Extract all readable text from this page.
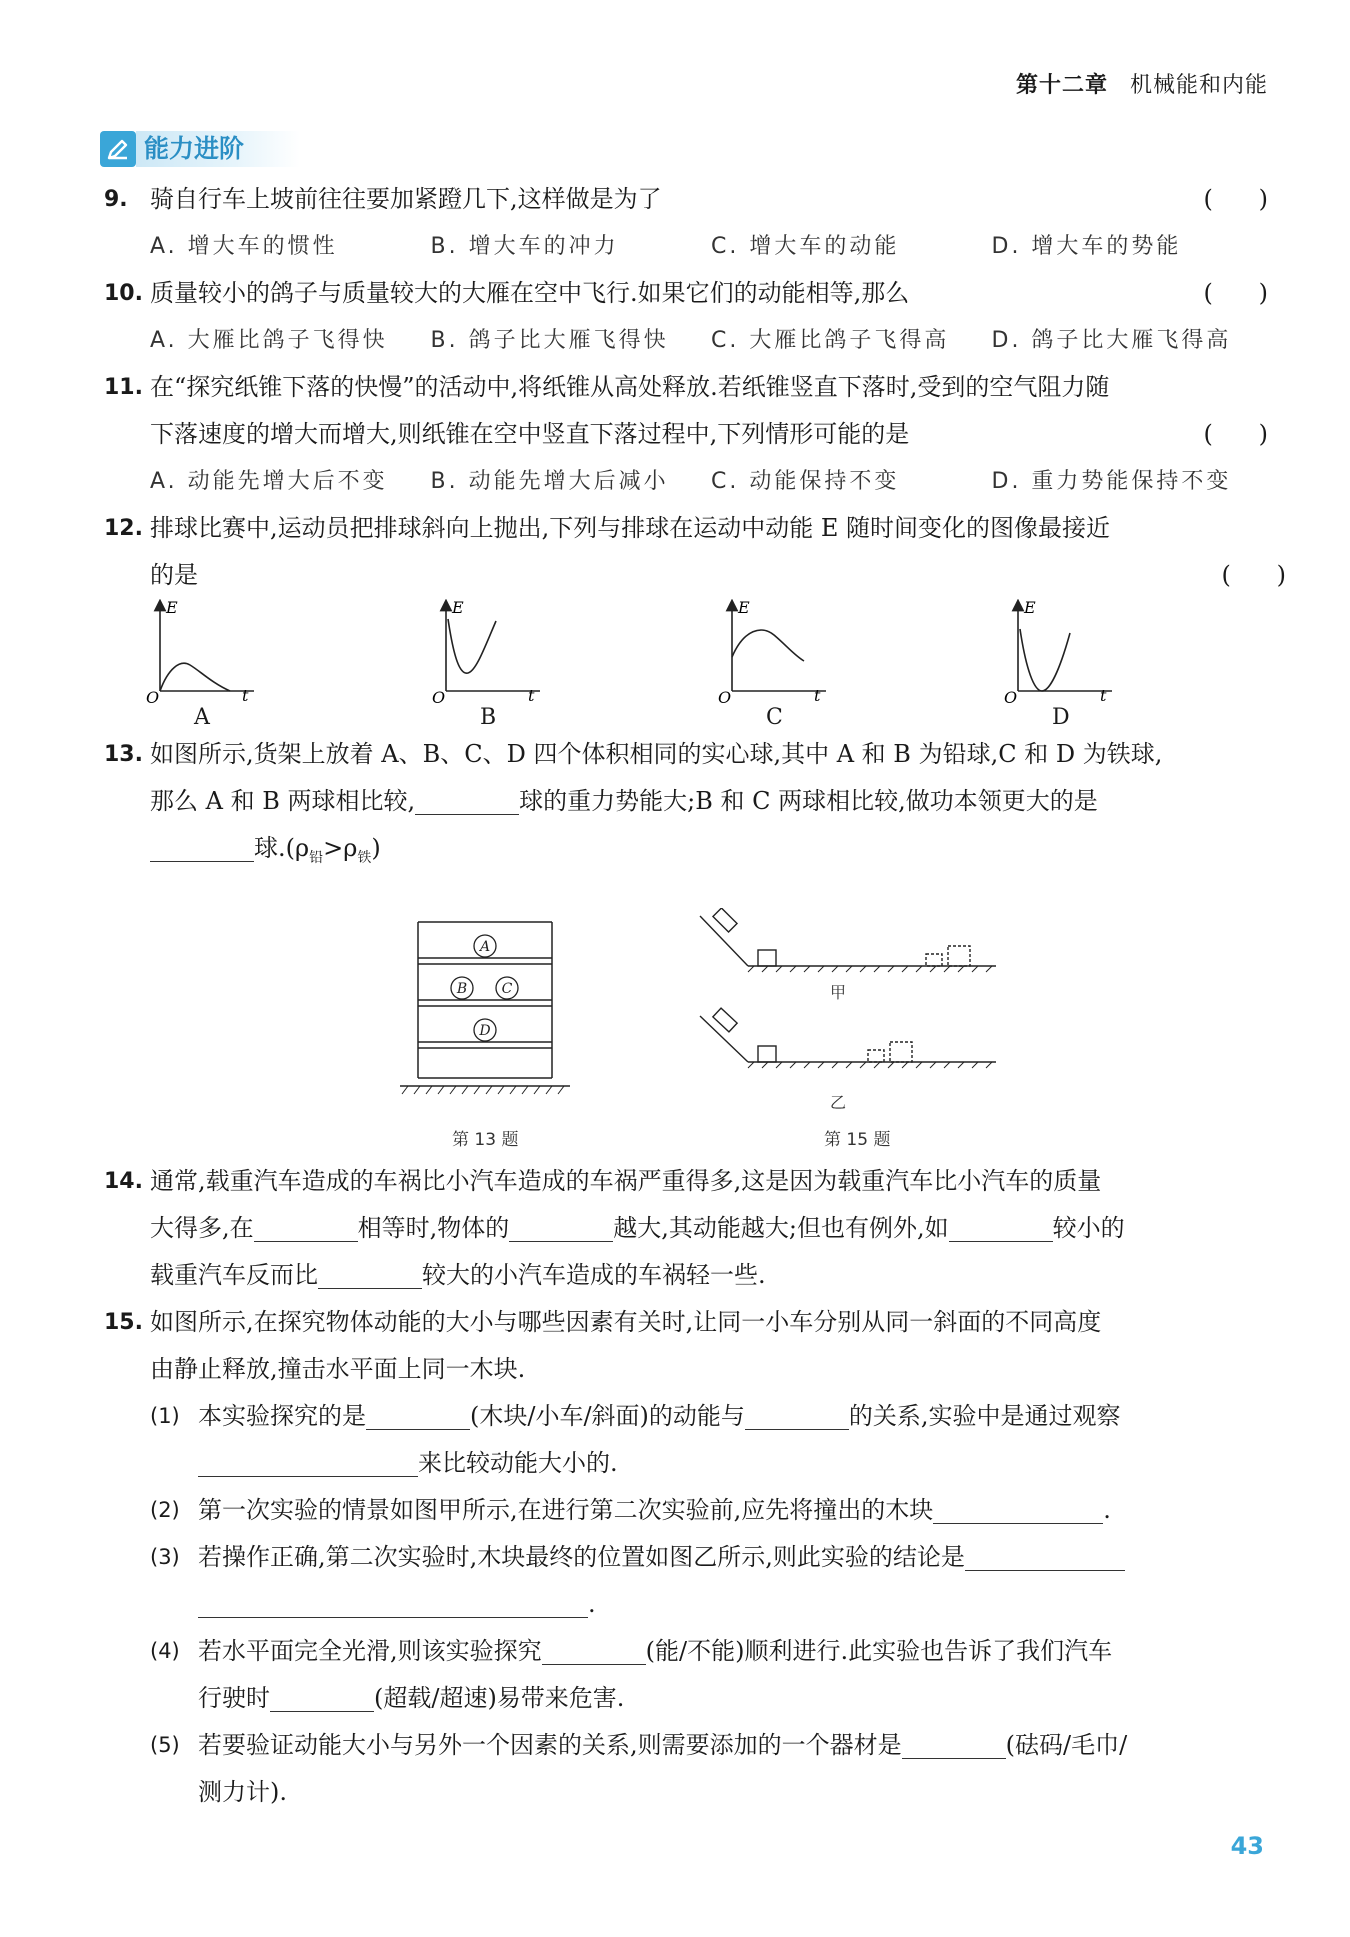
第十二章 机械能和内能
能力进阶
9. 骑自行车上坡前往往要加紧蹬几下,这样做是为了	(      )
A. 增大车的惯性	B. 增大车的冲力	C. 增大车的动能	D. 增大车的势能
10. 质量较小的鸽子与质量较大的大雁在空中飞行.如果它们的动能相等,那么	(      )
A. 大雁比鸽子飞得快	B. 鸽子比大雁飞得快	C. 大雁比鸽子飞得高	D. 鸽子比大雁飞得高
11. 在“探究纸锥下落的快慢”的活动中,将纸锥从高处释放.若纸锥竖直下落时,受到的空气阻力随
下落速度的增大而增大,则纸锥在空中竖直下落过程中,下列情形可能的是	(      )
A. 动能先增大后不变	B. 动能先增大后减小	C. 动能保持不变	D. 重力势能保持不变
12. 排球比赛中,运动员把排球斜向上抛出,下列与排球在运动中动能 E 随时间变化的图像最接近
的是	(      )
E
t
O
A
E
t
O
B
E
t
O
C
E
t
O
D
13. 如图所示,货架上放着 A、B、C、D 四个体积相同的实心球,其中 A 和 B 为铅球,C 和 D 为铁球,
那么 A 和 B 两球相比较,	球的重力势能大;B 和 C 两球相比较,做功本领更大的是
球$.(\rho_铅>\rho_铁)$
A
B C
D
第 13 题
甲
乙
第 15 题
14. 通常,载重汽车造成的车祸比小汽车造成的车祸严重得多,这是因为载重汽车比小汽车的质量
大得多,在	相等时,物体的	越大,其动能越大;但也有例外,如	较小的
载重汽车反而比	较大的小汽车造成的车祸轻一些.
15. 如图所示,在探究物体动能的大小与哪些因素有关时,让同一小车分别从同一斜面的不同高度
由静止释放,撞击水平面上同一木块.
(1) 本实验探究的是	(木块/小车/斜面)的动能与	的关系,实验中是通过观察
来比较动能大小的.
(2) 第一次实验的情景如图甲所示,在进行第二次实验前,应先将撞出的木块	.
(3) 若操作正确,第二次实验时,木块最终的位置如图乙所示,则此实验的结论是
.
(4) 若水平面完全光滑,则该实验探究	(能/不能)顺利进行.此实验也告诉了我们汽车
行驶时	(超载/超速)易带来危害.
(5) 若要验证动能大小与另外一个因素的关系,则需要添加的一个器材是	(砝码/毛巾/
测力计).
43
